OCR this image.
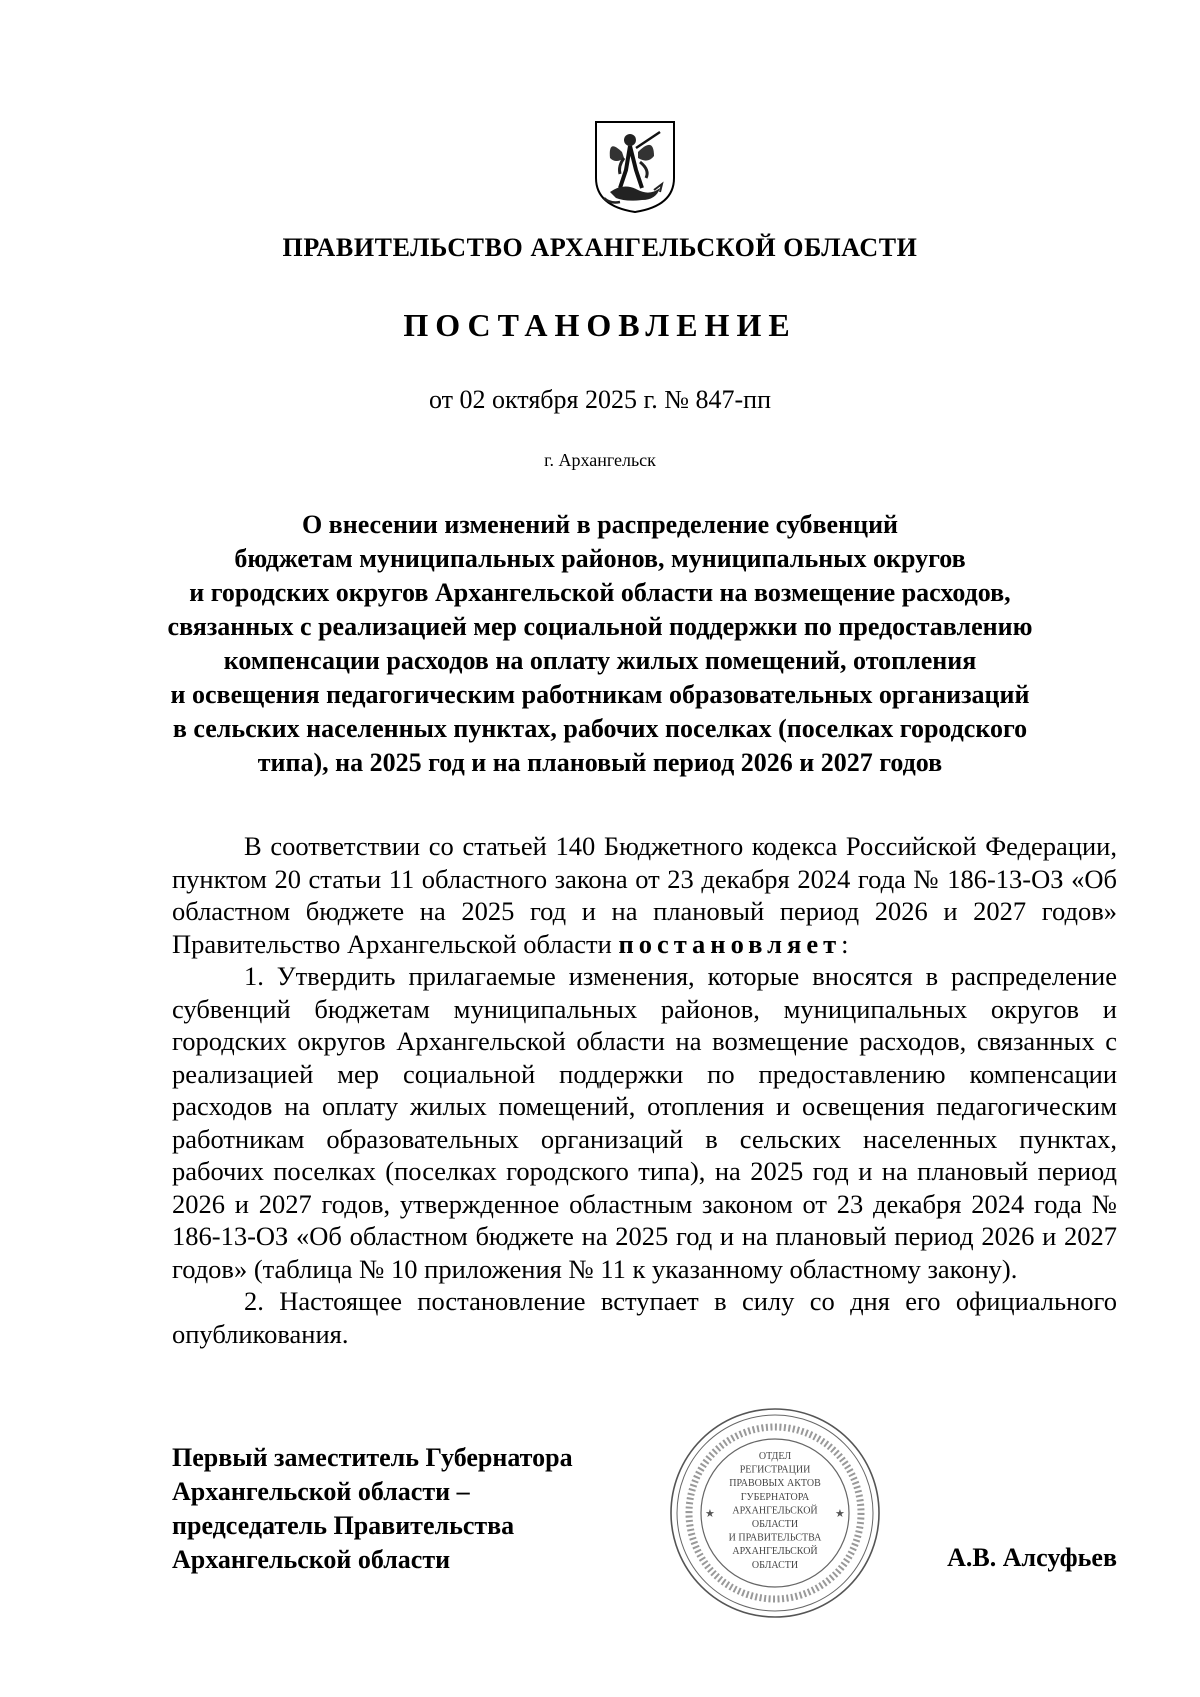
ПРАВИТЕЛЬСТВО АРХАНГЕЛЬСКОЙ ОБЛАСТИ
ПОСТАНОВЛЕНИЕ
от 02 октября 2025 г. № 847-пп
г. Архангельск
О внесении изменений в распределение субвенций
бюджетам муниципальных районов, муниципальных округов
и городских округов Архангельской области на возмещение расходов,
связанных с реализацией мер социальной поддержки по предоставлению
компенсации расходов на оплату жилых помещений, отопления
и освещения педагогическим работникам образовательных организаций
в сельских населенных пунктах, рабочих поселках (поселках городского
типа), на 2025 год и на плановый период 2026 и 2027 годов

В соответствии со статьей 140 Бюджетного кодекса Российской Федерации, пунктом 20 статьи 11 областного закона от 23 декабря 2024 года № 186-13-ОЗ «Об областном бюджете на 2025 год и на плановый период 2026 и 2027 годов» Правительство Архангельской области постановляет:

1. Утвердить прилагаемые изменения, которые вносятся в распределение субвенций бюджетам муниципальных районов, муниципальных округов и городских округов Архангельской области на возмещение расходов, связанных с реализацией мер социальной поддержки по предоставлению компенсации расходов на оплату жилых помещений, отопления и освещения педагогическим работникам образовательных организаций в сельских населенных пунктах, рабочих поселках (поселках городского типа), на 2025 год и на плановый период 2026 и 2027 годов, утвержденное областным законом от 23 декабря 2024 года № 186-13-ОЗ «Об областном бюджете на 2025 год и на плановый период 2026 и 2027 годов» (таблица № 10 приложения № 11 к указанному областному закону).

2. Настоящее постановление вступает в силу со дня его официального опубликования.

Первый заместитель Губернатора
Архангельской области –
председатель Правительства
Архангельской области	А.В. Алсуфьев
★	★
ОТДЕЛ
РЕГИСТРАЦИИ
ПРАВОВЫХ АКТОВ
ГУБЕРНАТОРА
АРХАНГЕЛЬСКОЙ
ОБЛАСТИ
И ПРАВИТЕЛЬСТВА
АРХАНГЕЛЬСКОЙ
ОБЛАСТИ
